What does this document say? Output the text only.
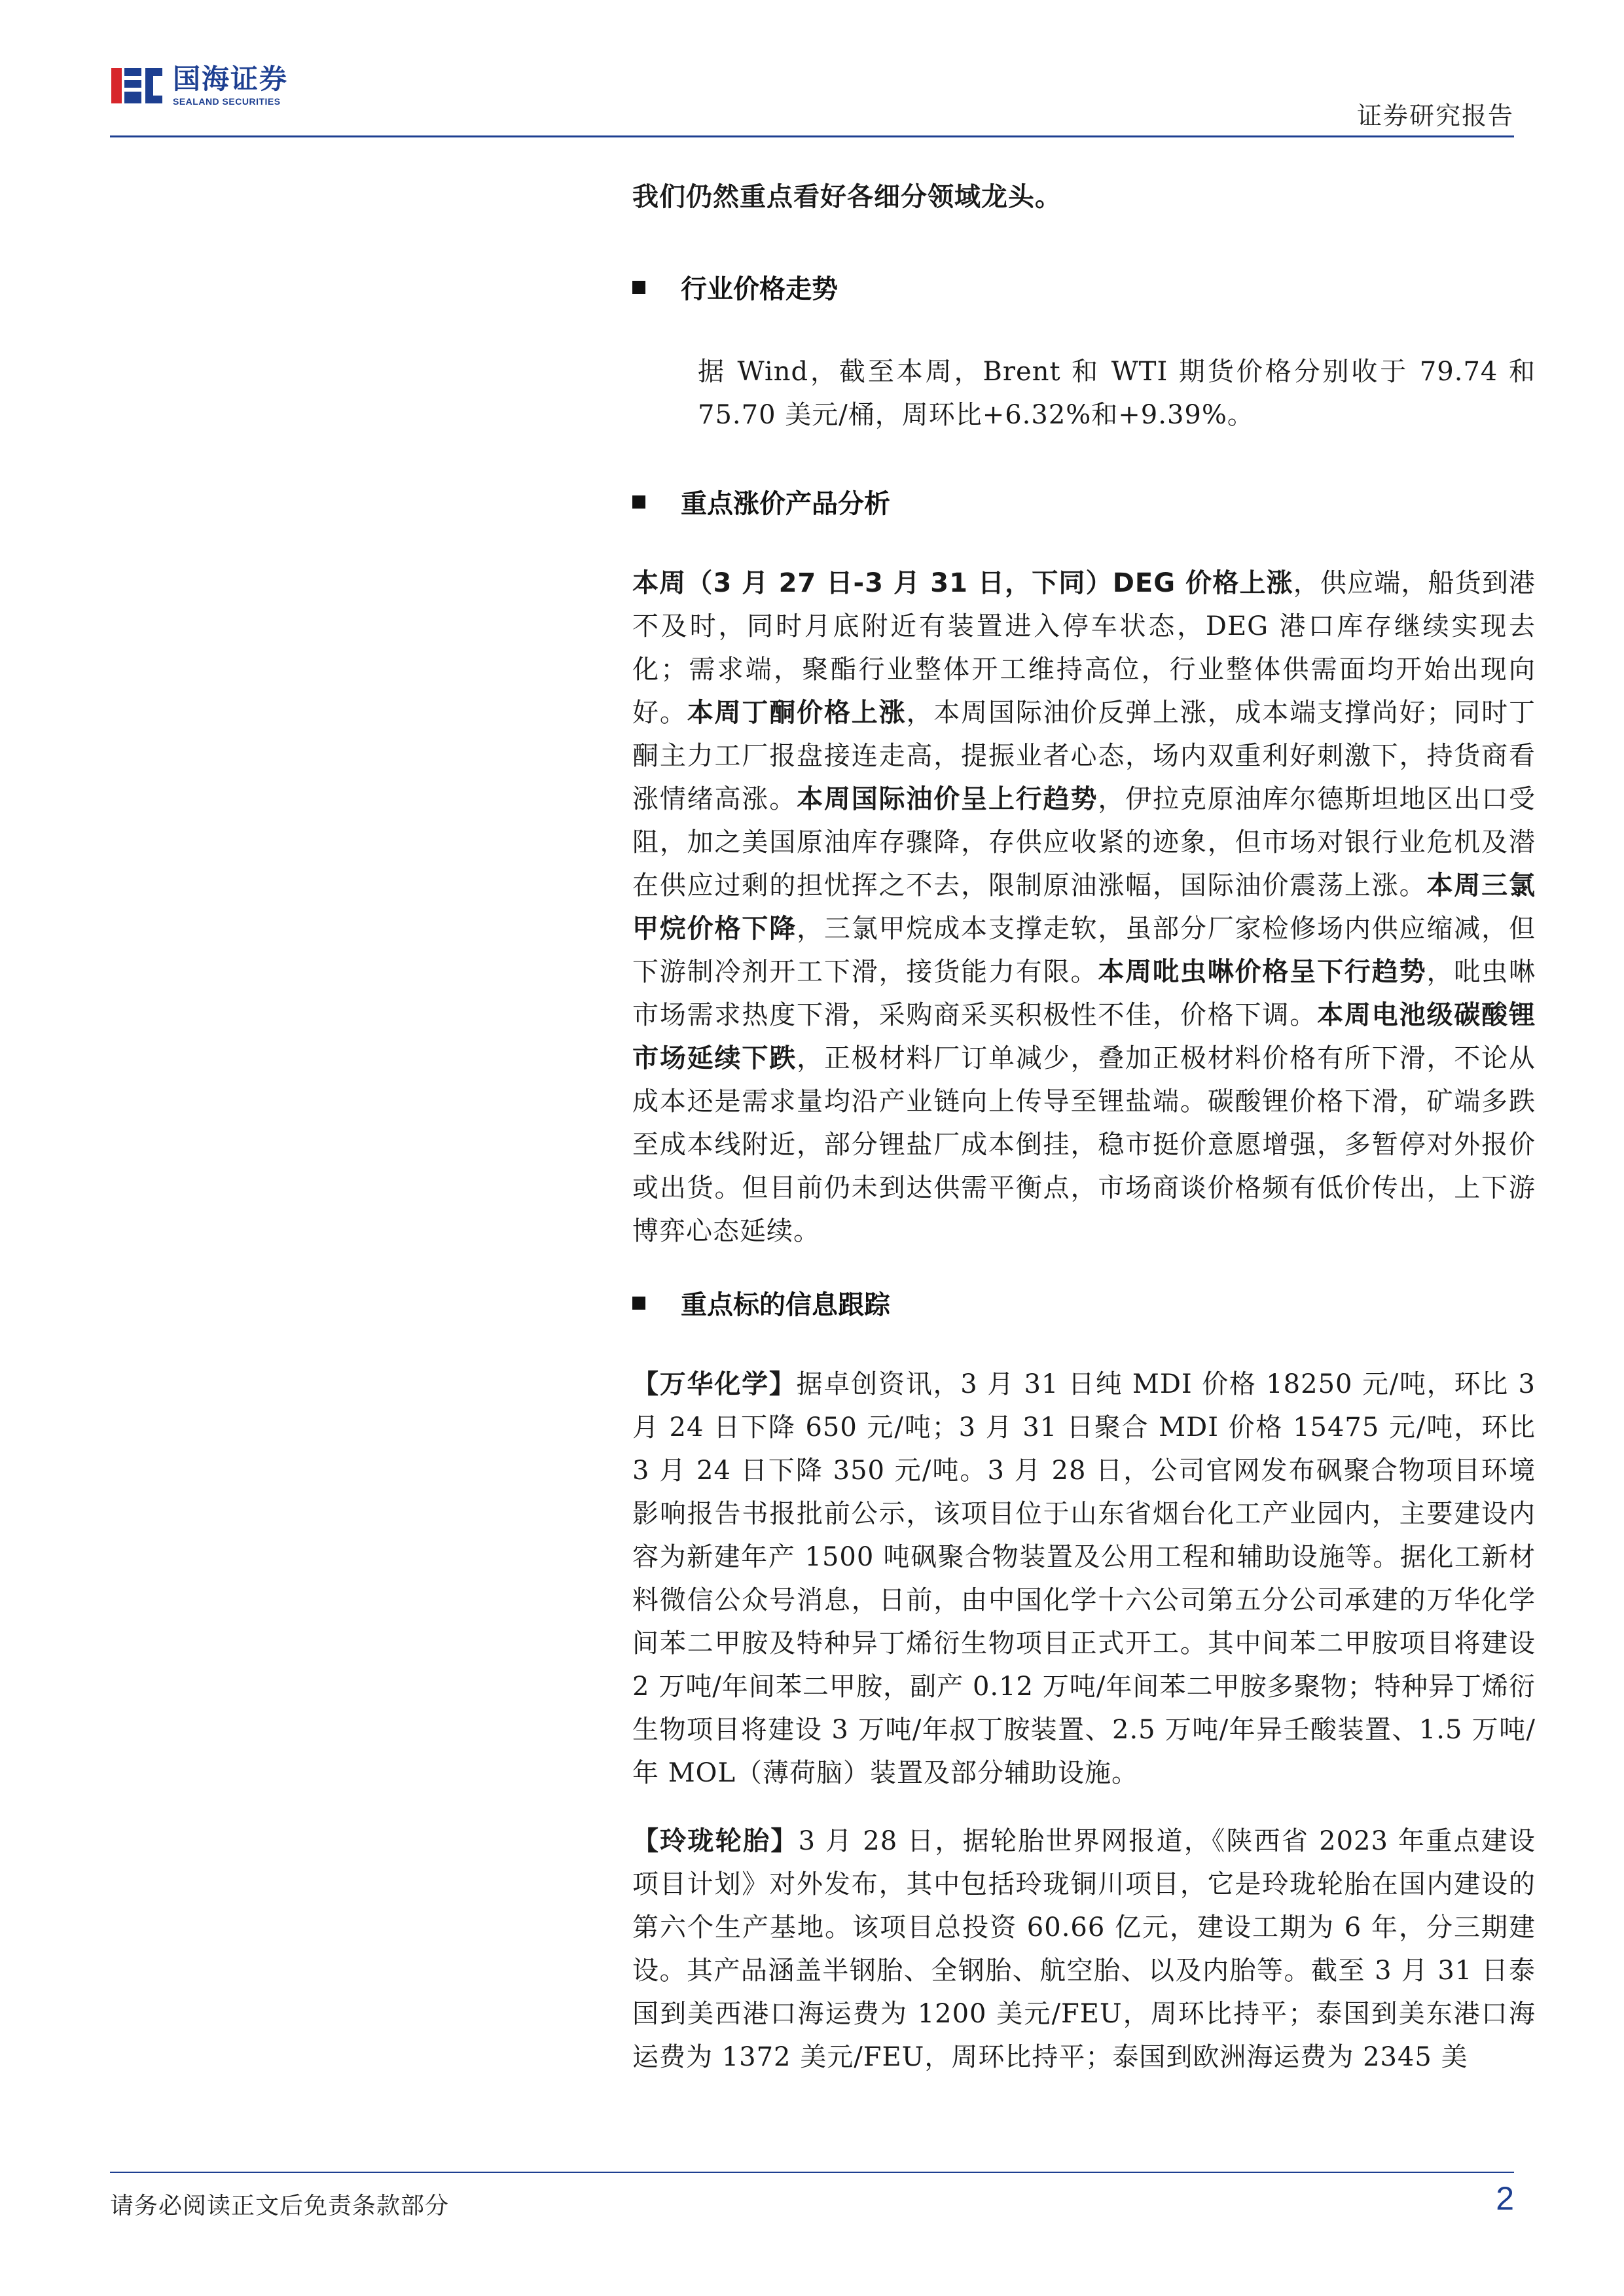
国海证券
SEALAND SECURITIES	证券研究报告

我们仍然重点看好各细分领域龙头。

行业价格走势

据 Wind，截至本周，Brent 和 WTI 期货价格分别收于 79.74 和 75.70 美元/桶，周环比+6.32%和+9.39%。

重点涨价产品分析

本周（3 月 27 日-3 月 31 日，下同）DEG 价格上涨，供应端，船货到港不及时，同时月底附近有装置进入停车状态，DEG 港口库存继续实现去化；需求端，聚酯行业整体开工维持高位，行业整体供需面均开始出现向好。本周丁酮价格上涨，本周国际油价反弹上涨，成本端支撑尚好；同时丁酮主力工厂报盘接连走高，提振业者心态，场内双重利好刺激下，持货商看涨情绪高涨。本周国际油价呈上行趋势，伊拉克原油库尔德斯坦地区出口受阻，加之美国原油库存骤降，存供应收紧的迹象，但市场对银行业危机及潜在供应过剩的担忧挥之不去，限制原油涨幅，国际油价震荡上涨。本周三氯甲烷价格下降，三氯甲烷成本支撑走软，虽部分厂家检修场内供应缩减，但下游制冷剂开工下滑，接货能力有限。本周吡虫啉价格呈下行趋势，吡虫啉市场需求热度下滑，采购商采买积极性不佳，价格下调。本周电池级碳酸锂市场延续下跌，正极材料厂订单减少，叠加正极材料价格有所下滑，不论从成本还是需求量均沿产业链向上传导至锂盐端。碳酸锂价格下滑，矿端多跌至成本线附近，部分锂盐厂成本倒挂，稳市挺价意愿增强，多暂停对外报价或出货。但目前仍未到达供需平衡点，市场商谈价格频有低价传出，上下游博弈心态延续。

重点标的信息跟踪

【万华化学】据卓创资讯，3 月 31 日纯 MDI 价格 18250 元/吨，环比 3 月 24 日下降 650 元/吨；3 月 31 日聚合 MDI 价格 15475 元/吨，环比 3 月 24 日下降 350 元/吨。3 月 28 日，公司官网发布砜聚合物项目环境影响报告书报批前公示，该项目位于山东省烟台化工产业园内，主要建设内容为新建年产 1500 吨砜聚合物装置及公用工程和辅助设施等。据化工新材料微信公众号消息，日前，由中国化学十六公司第五分公司承建的万华化学间苯二甲胺及特种异丁烯衍生物项目正式开工。其中间苯二甲胺项目将建设 2 万吨/年间苯二甲胺，副产 0.12 万吨/年间苯二甲胺多聚物；特种异丁烯衍生物项目将建设 3 万吨/年叔丁胺装置、2.5 万吨/年异壬酸装置、1.5 万吨/年 MOL（薄荷脑）装置及部分辅助设施。

【玲珑轮胎】3 月 28 日，据轮胎世界网报道，《陕西省 2023 年重点建设项目计划》对外发布，其中包括玲珑铜川项目，它是玲珑轮胎在国内建设的第六个生产基地。该项目总投资 60.66 亿元，建设工期为 6 年，分三期建设。其产品涵盖半钢胎、全钢胎、航空胎、以及内胎等。截至 3 月 31 日泰国到美西港口海运费为 1200 美元/FEU，周环比持平；泰国到美东港口海运费为 1372 美元/FEU，周环比持平；泰国到欧洲海运费为 2345 美

请务必阅读正文后免责条款部分	2
